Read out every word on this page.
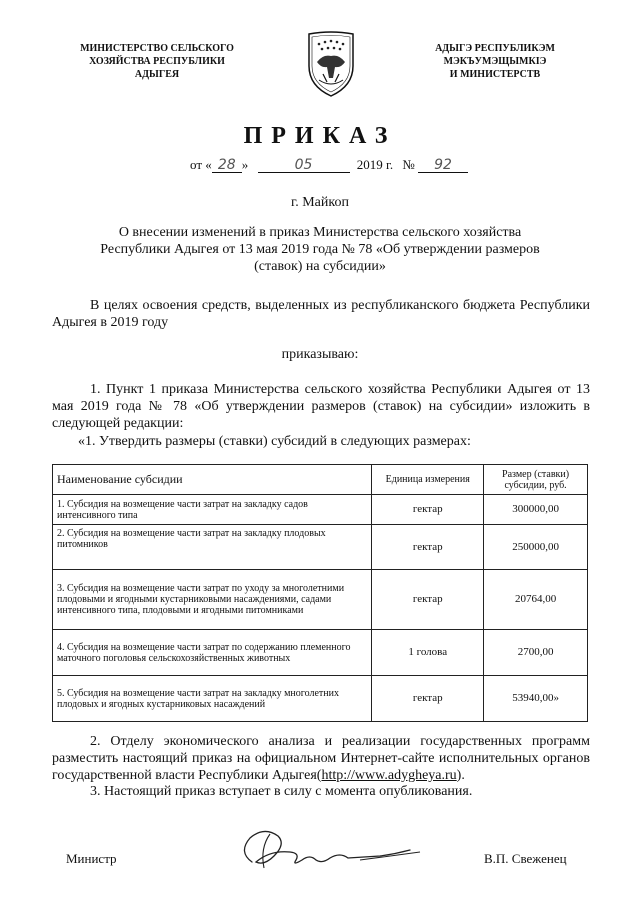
МИНИСТЕРСТВО СЕЛЬСКОГО
ХОЗЯЙСТВА РЕСПУБЛИКИ
АДЫГЕЯ
АДЫГЭ РЕСПУБЛИКЭМ
МЭКЪУМЭЩЫМКIЭ
И МИНИСТЕРСТВ
ПРИКАЗ
от « 28 »	05	2019 г. № 92
г. Майкоп
О внесении изменений в приказ Министерства сельского хозяйства Республики Адыгея от 13 мая 2019 года № 78 «Об утверждении размеров (ставок) на субсидии»
В целях освоения средств, выделенных из республиканского бюджета Республики Адыгея в 2019 году
приказываю:
1. Пункт 1 приказа Министерства сельского хозяйства Республики Адыгея от 13 мая 2019 года № 78 «Об утверждении размеров (ставок) на субсидии» изложить в следующей редакции:
«1. Утвердить размеры (ставки) субсидий в следующих размерах:
Наименование субсидии	Единица измерения	Размер (ставки) субсидии, руб.
1. Субсидия на возмещение части затрат на закладку садов интенсивного типа	гектар	300000,00
2. Субсидия на возмещение части затрат на закладку плодовых питомников	гектар	250000,00
3. Субсидия на возмещение части затрат по уходу за многолетними плодовыми и ягодными кустарниковыми насаждениями, садами интенсивного типа, плодовыми и ягодными питомниками	гектар	20764,00
4. Субсидия на возмещение части затрат по содержанию племенного маточного поголовья сельскохозяйственных животных	1 голова	2700,00
5. Субсидия на возмещение части затрат на закладку многолетних плодовых и ягодных кустарниковых насаждений	гектар	53940,00»
2. Отделу экономического анализа и реализации государственных программ разместить настоящий приказ на официальном Интернет-сайте исполнительных органов государственной власти Республики Адыгея(http://www.adygheya.ru).
3. Настоящий приказ вступает в силу с момента опубликования.
Министр	В.П. Свеженец
